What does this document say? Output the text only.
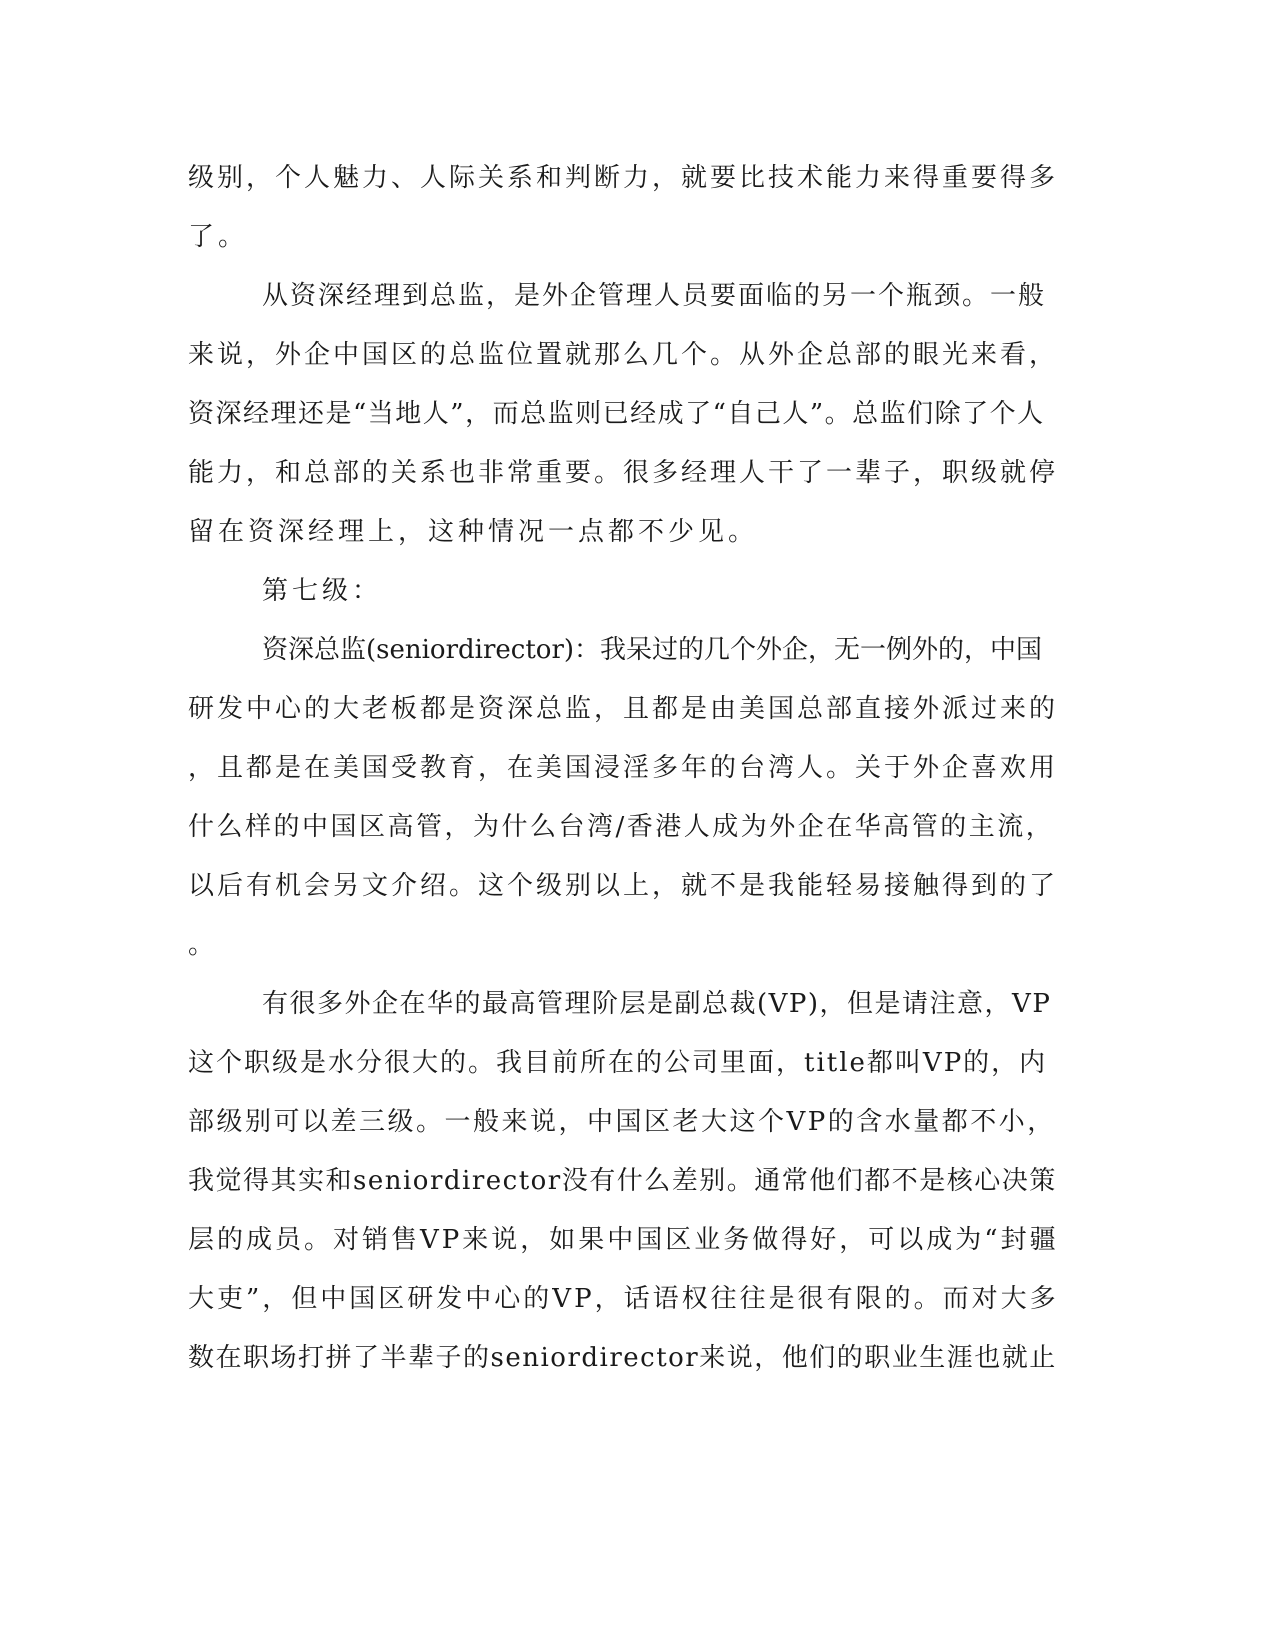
级别，个人魅力、人际关系和判断力，就要比技术能力来得重要得多

了。

从资深经理到总监，是外企管理人员要面临的另一个瓶颈。一般

来说，外企中国区的总监位置就那么几个。从外企总部的眼光来看，

资深经理还是“当地人”，而总监则已经成了“自己人”。总监们除了个人

能力，和总部的关系也非常重要。很多经理人干了一辈子，职级就停

留在资深经理上，这种情况一点都不少见。

第七级：

资深总监(seniordirector)：我呆过的几个外企，无一例外的，中国

研发中心的大老板都是资深总监，且都是由美国总部直接外派过来的

，且都是在美国受教育，在美国浸淫多年的台湾人。关于外企喜欢用

什么样的中国区高管，为什么台湾/香港人成为外企在华高管的主流，

以后有机会另文介绍。这个级别以上，就不是我能轻易接触得到的了

。

有很多外企在华的最高管理阶层是副总裁(VP)，但是请注意，VP

这个职级是水分很大的。我目前所在的公司里面，title都叫VP的，内

部级别可以差三级。一般来说，中国区老大这个VP的含水量都不小，

我觉得其实和seniordirector没有什么差别。通常他们都不是核心决策

层的成员。对销售VP来说，如果中国区业务做得好，可以成为“封疆

大吏”，但中国区研发中心的VP，话语权往往是很有限的。而对大多

数在职场打拼了半辈子的seniordirector来说，他们的职业生涯也就止
